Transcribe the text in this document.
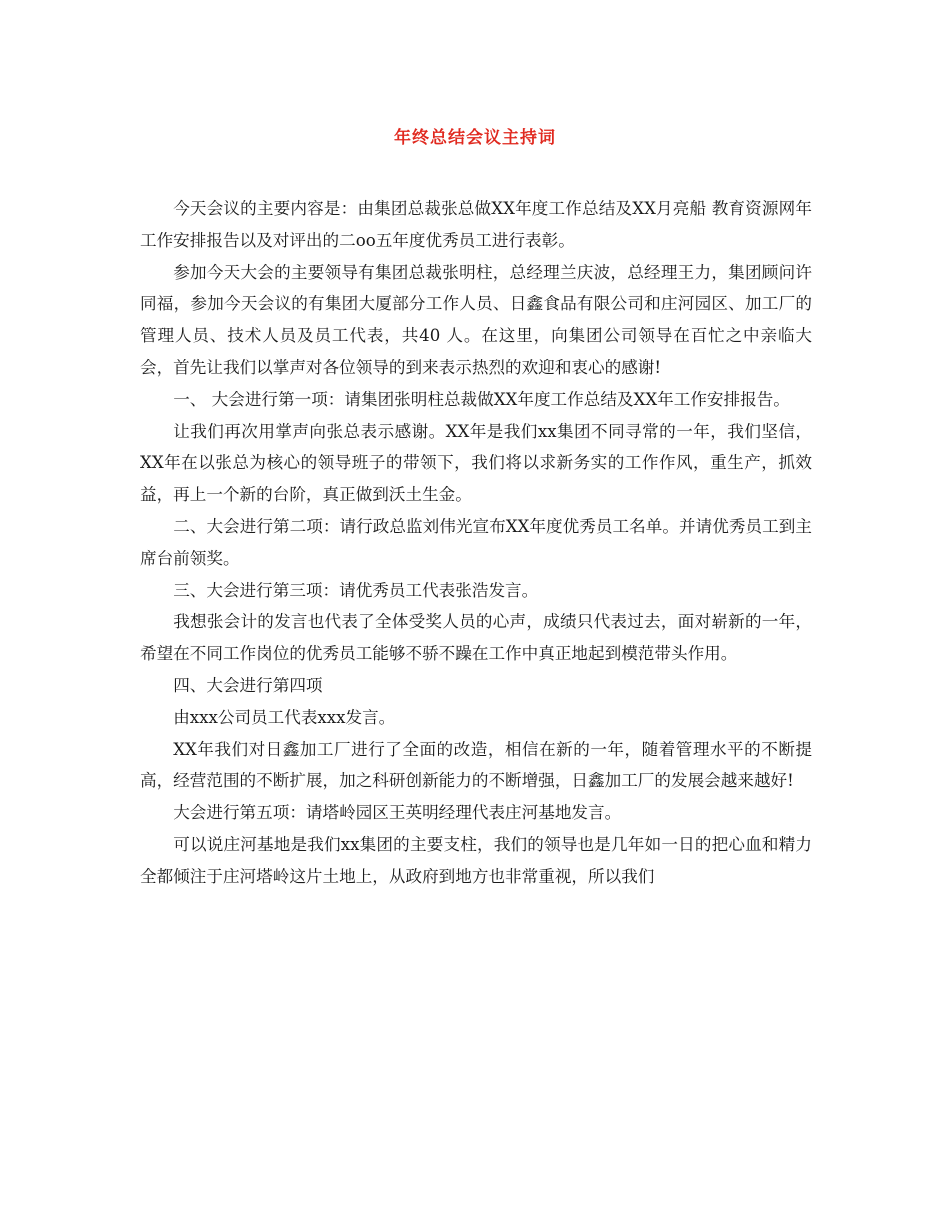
年终总结会议主持词

今天会议的主要内容是：由集团总裁张总做XX年度工作总结及XX月亮船 教育资源网年工作安排报告以及对评出的二oo五年度优秀员工进行表彰。

参加今天大会的主要领导有集团总裁张明柱，总经理兰庆波，总经理王力，集团顾问许同福，参加今天会议的有集团大厦部分工作人员、日鑫食品有限公司和庄河园区、加工厂的管理人员、技术人员及员工代表，共40 人。在这里，向集团公司领导在百忙之中亲临大会，首先让我们以掌声对各位领导的到来表示热烈的欢迎和衷心的感谢!

一、 大会进行第一项：请集团张明柱总裁做XX年度工作总结及XX年工作安排报告。

让我们再次用掌声向张总表示感谢。XX年是我们xx集团不同寻常的一年，我们坚信，XX年在以张总为核心的领导班子的带领下，我们将以求新务实的工作作风，重生产，抓效益，再上一个新的台阶，真正做到沃土生金。

二、大会进行第二项：请行政总监刘伟光宣布XX年度优秀员工名单。并请优秀员工到主席台前领奖。

三、大会进行第三项：请优秀员工代表张浩发言。

我想张会计的发言也代表了全体受奖人员的心声，成绩只代表过去，面对崭新的一年，希望在不同工作岗位的优秀员工能够不骄不躁在工作中真正地起到模范带头作用。

四、大会进行第四项

由xxx公司员工代表xxx发言。

XX年我们对日鑫加工厂进行了全面的改造，相信在新的一年，随着管理水平的不断提高，经营范围的不断扩展，加之科研创新能力的不断增强，日鑫加工厂的发展会越来越好!

大会进行第五项：请塔岭园区王英明经理代表庄河基地发言。

可以说庄河基地是我们xx集团的主要支柱，我们的领导也是几年如一日的把心血和精力全都倾注于庄河塔岭这片土地上，从政府到地方也非常重视，所以我们
